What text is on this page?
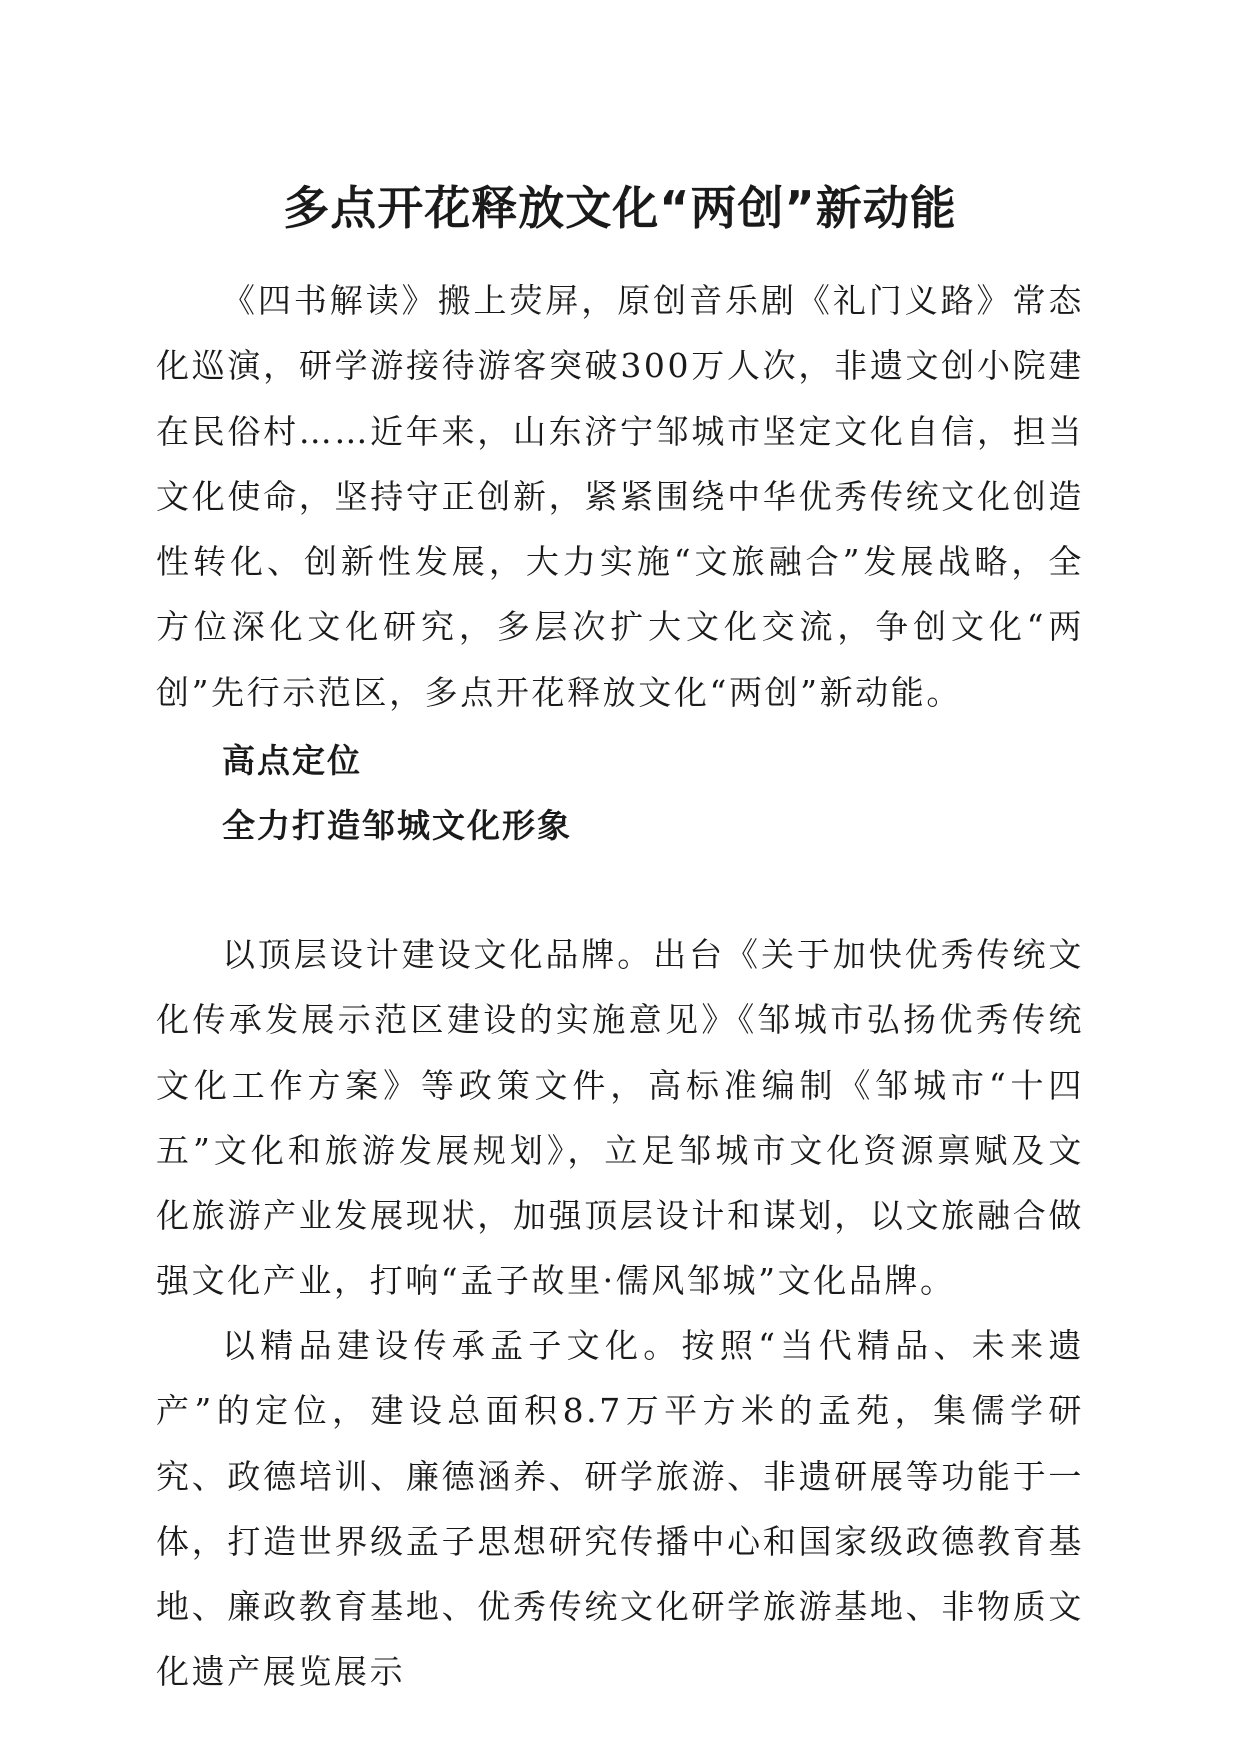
多点开花释放文化“两创”新动能

《四书解读》搬上荧屏，原创音乐剧《礼门义路》常态化巡演，研学游接待游客突破300万人次，非遗文创小院建在民俗村……近年来，山东济宁邹城市坚定文化自信，担当文化使命，坚持守正创新，紧紧围绕中华优秀传统文化创造性转化、创新性发展，大力实施“文旅融合”发展战略，全方位深化文化研究，多层次扩大文化交流，争创文化“两创”先行示范区，多点开花释放文化“两创”新动能。

高点定位

全力打造邹城文化形象

以顶层设计建设文化品牌。出台《关于加快优秀传统文化传承发展示范区建设的实施意见》《邹城市弘扬优秀传统文化工作方案》等政策文件，高标准编制《邹城市“十四五”文化和旅游发展规划》，立足邹城市文化资源禀赋及文化旅游产业发展现状，加强顶层设计和谋划，以文旅融合做强文化产业，打响“孟子故里·儒风邹城”文化品牌。

以精品建设传承孟子文化。按照“当代精品、未来遗产”的定位，建设总面积8.7万平方米的孟苑，集儒学研究、政德培训、廉德涵养、研学旅游、非遗研展等功能于一体，打造世界级孟子思想研究传播中心和国家级政德教育基地、廉政教育基地、优秀传统文化研学旅游基地、非物质文化遗产展览展示
